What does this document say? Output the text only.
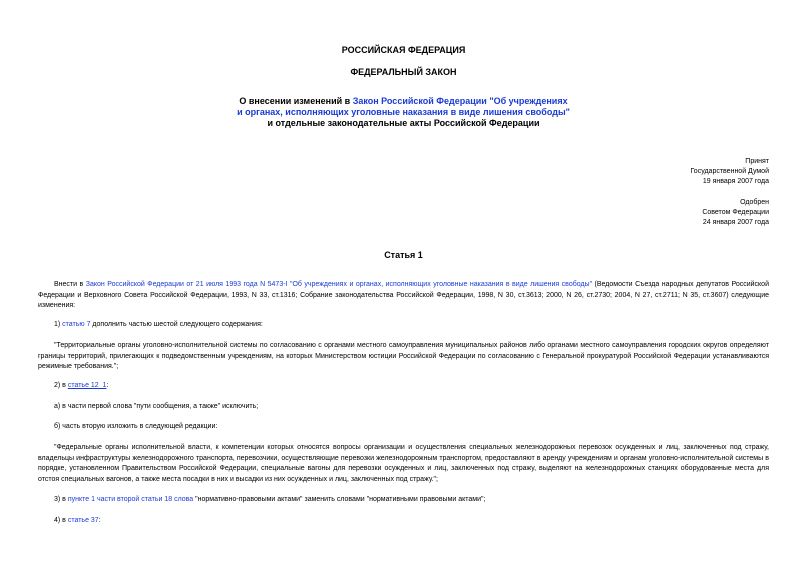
РОССИЙСКАЯ ФЕДЕРАЦИЯ
ФЕДЕРАЛЬНЫЙ ЗАКОН
О внесении изменений в Закон Российской Федерации "Об учреждениях
и органах, исполняющих уголовные наказания в виде лишения свободы"
и отдельные законодательные акты Российской Федерации
Принят
Государственной Думой
19 января 2007 года
Одобрен
Советом Федерации
24 января 2007 года
Статья 1
Внести в Закон Российской Федерации от 21 июля 1993 года N 5473-I "Об учреждениях и органах, исполняющих уголовные наказания в виде лишения свободы" (Ведомости Съезда народных депутатов Российской Федерации и Верховного Совета Российской Федерации, 1993, N 33, ст.1316; Собрание законодательства Российской Федерации, 1998, N 30, ст.3613; 2000, N 26, ст.2730; 2004, N 27, ст.2711; N 35, ст.3607) следующие изменения:
1) статью 7 дополнить частью шестой следующего содержания:
"Территориальные органы уголовно-исполнительной системы по согласованию с органами местного самоуправления муниципальных районов либо органами местного самоуправления городских округов определяют границы территорий, прилегающих к подведомственным учреждениям, на которых Министерством юстиции Российской Федерации по согласованию с Генеральной прокуратурой Российской Федерации устанавливаются режимные требования.";
2) в статье 12_1:
а) в части первой слова "пути сообщения, а также" исключить;
б) часть вторую изложить в следующей редакции:
"Федеральные органы исполнительной власти, к компетенции которых относятся вопросы организации и осуществления специальных железнодорожных перевозок осужденных и лиц, заключенных под стражу, владельцы инфраструктуры железнодорожного транспорта, перевозчики, осуществляющие перевозки железнодорожным транспортом, предоставляют в аренду учреждениям и органам уголовно-исполнительной системы в порядке, установленном Правительством Российской Федерации, специальные вагоны для перевозки осужденных и лиц, заключенных под стражу, выделяют на железнодорожных станциях оборудованные места для отстоя специальных вагонов, а также места посадки в них и высадки из них осужденных и лиц, заключенных под стражу.";
3) в пункте 1 части второй статьи 18 слова "нормативно-правовыми актами" заменить словами "нормативными правовыми актами";
4) в статье 37:
